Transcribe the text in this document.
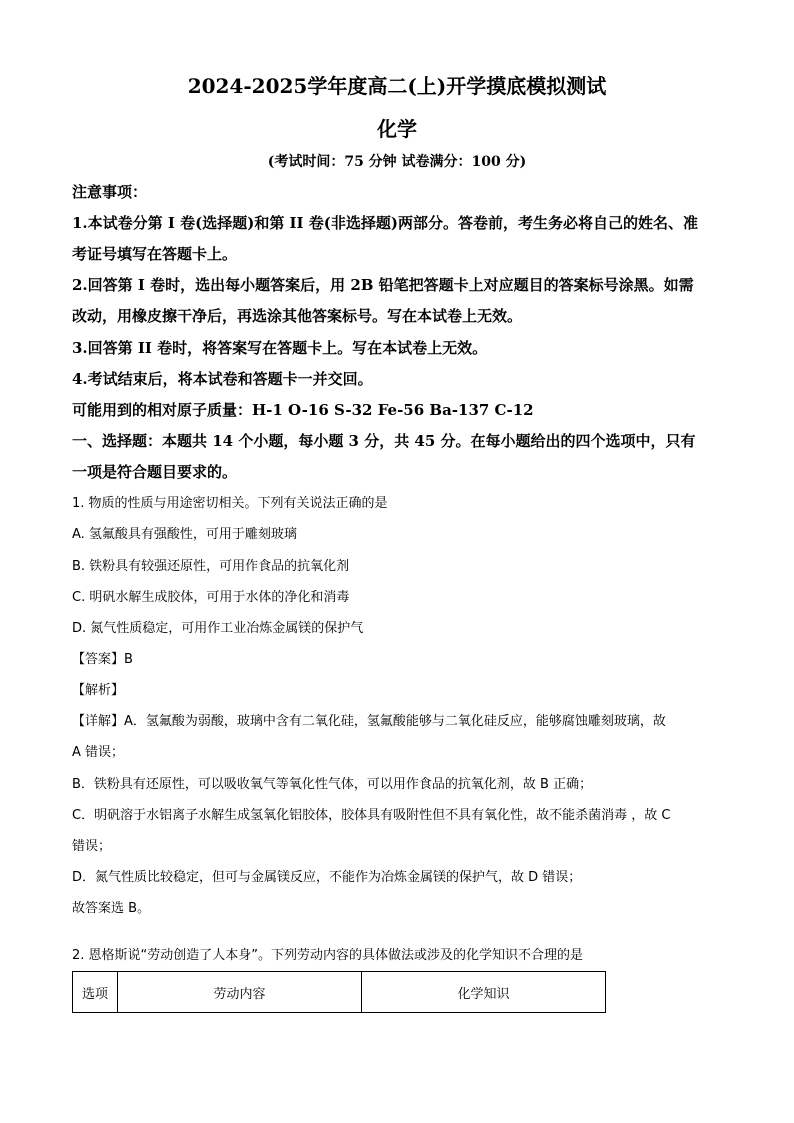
2024-2025学年度高二(上)开学摸底模拟测试
化学
(考试时间：75 分钟 试卷满分：100 分)
注意事项：
1.本试卷分第 I 卷(选择题)和第 II 卷(非选择题)两部分。答卷前，考生务必将自己的姓名、准
考证号填写在答题卡上。
2.回答第 I 卷时，选出每小题答案后，用 2B 铅笔把答题卡上对应题目的答案标号涂黑。如需
改动，用橡皮擦干净后，再选涂其他答案标号。写在本试卷上无效。
3.回答第 II 卷时，将答案写在答题卡上。写在本试卷上无效。
4.考试结束后，将本试卷和答题卡一并交回。
可能用到的相对原子质量：H-1 O-16 S-32 Fe-56 Ba-137 C-12
一、选择题：本题共 14 个小题，每小题 3 分，共 45 分。在每小题给出的四个选项中，只有
一项是符合题目要求的。
1. 物质的性质与用途密切相关。下列有关说法正确的是
A. 氢氟酸具有强酸性，可用于雕刻玻璃
B. 铁粉具有较强还原性，可用作食品的抗氧化剂
C. 明矾水解生成胶体，可用于水体的净化和消毒
D. 氮气性质稳定，可用作工业冶炼金属镁的保护气
【答案】B
【解析】
【详解】A．氢氟酸为弱酸，玻璃中含有二氧化硅，氢氟酸能够与二氧化硅反应，能够腐蚀雕刻玻璃，故
A 错误；
B．铁粉具有还原性，可以吸收氧气等氧化性气体，可以用作食品的抗氧化剂，故 B 正确；
C．明矾溶于水铝离子水解生成氢氧化铝胶体，胶体具有吸附性但不具有氧化性，故不能杀菌消毒 ，故 C
错误；
D．氮气性质比较稳定，但可与金属镁反应，不能作为冶炼金属镁的保护气，故 D 错误；
故答案选 B。
2. 恩格斯说“劳动创造了人本身”。下列劳动内容的具体做法或涉及的化学知识不合理的是
选项	劳动内容	化学知识
